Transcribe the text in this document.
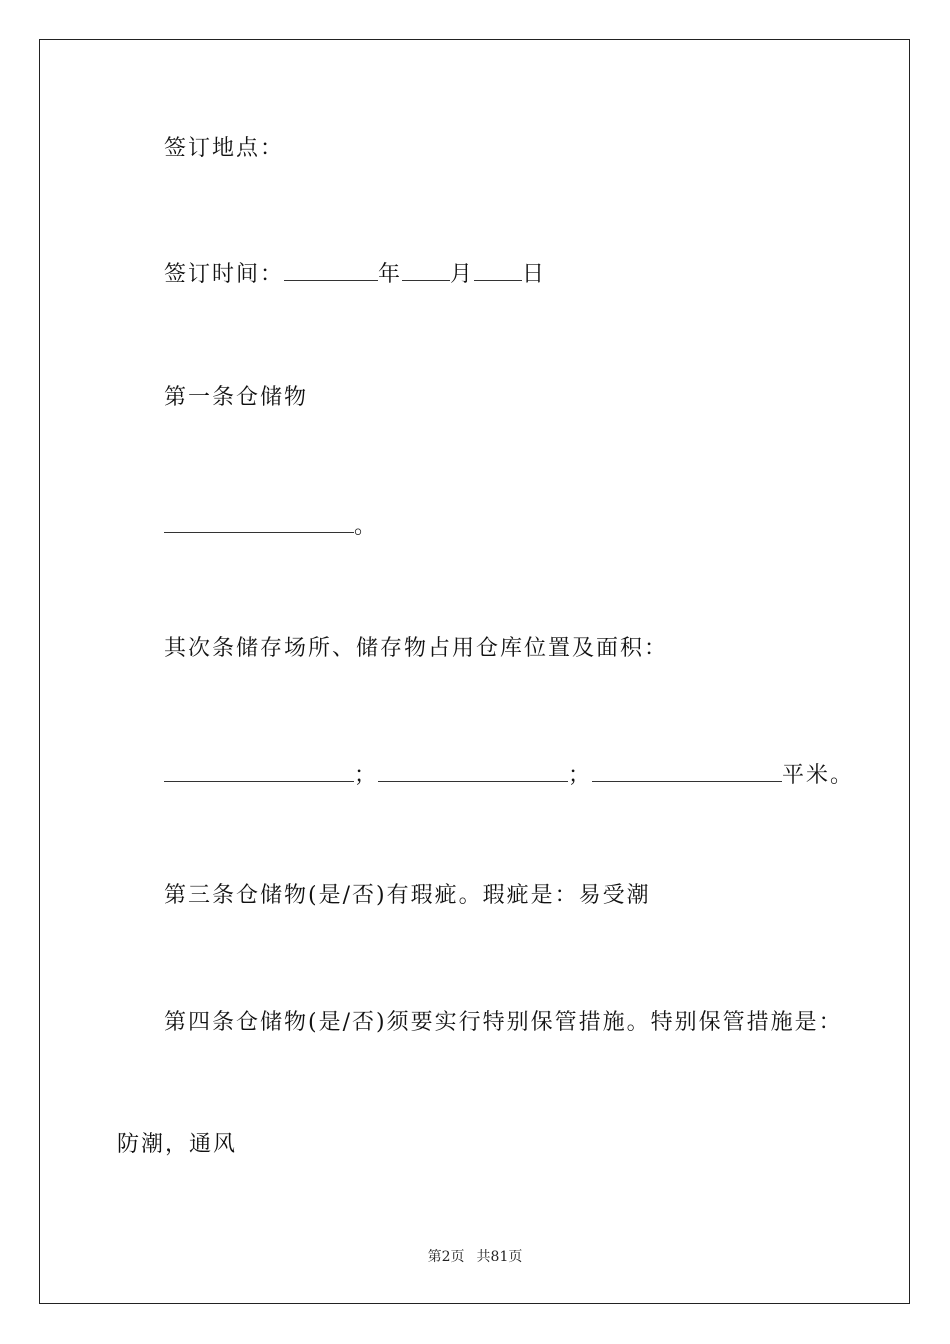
签订地点：
签订时间：	年 月 日
第一条仓储物
。
其次条储存场所、储存物占用仓库位置及面积：
；	；	平米。
第三条仓储物(是/否)有瑕疵。瑕疵是：易受潮
第四条仓储物(是/否)须要实行特别保管措施。特别保管措施是：
防潮，通风
第2页 共81页
